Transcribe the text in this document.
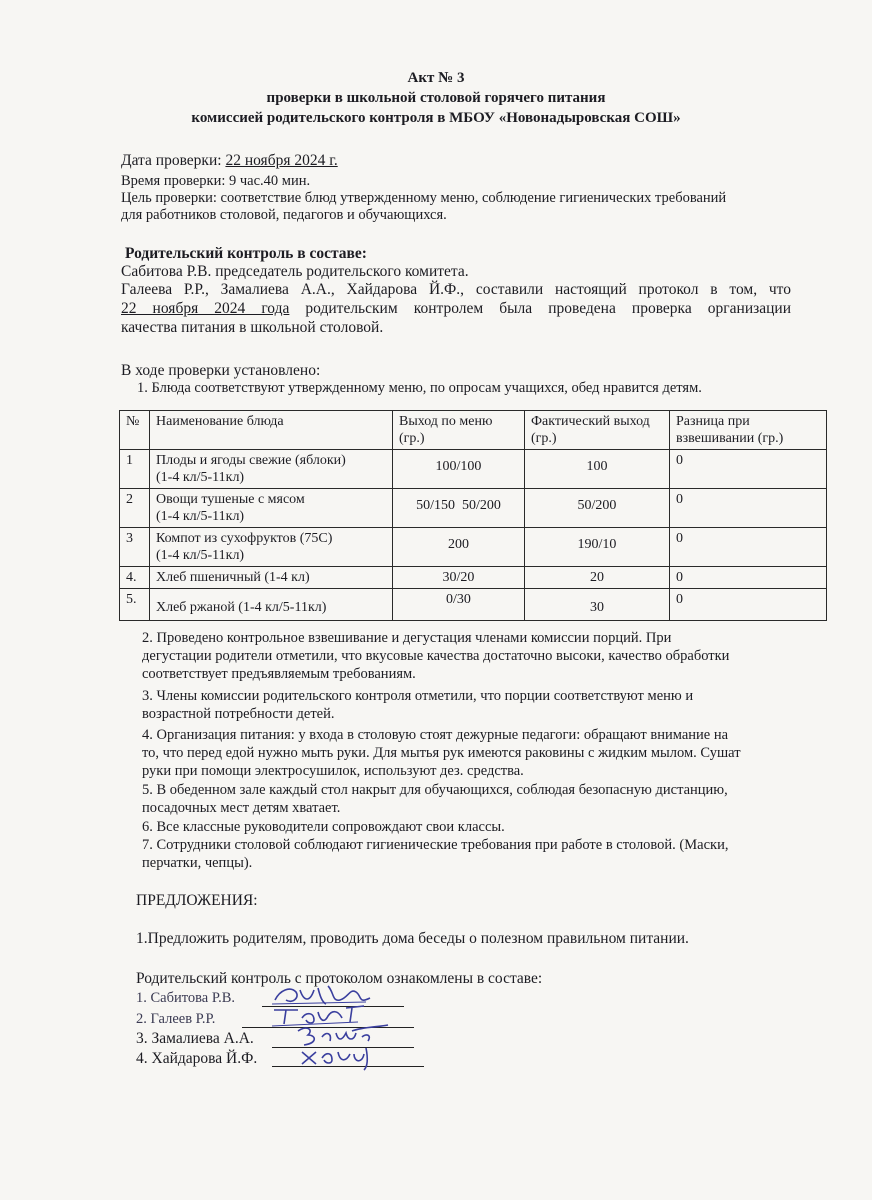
Акт № 3
проверки в школьной столовой горячего питания
комиссией родительского контроля в МБОУ «Новонадыровская СОШ»
Дата проверки: 22 ноября 2024 г.
Время проверки: 9 час.40 мин.
Цель проверки: соответствие блюд утвержденному меню, соблюдение гигиенических требований
для работников столовой, педагогов и обучающихся.
Родительский контроль в составе:
Сабитова Р.В. председатель родительского комитета.
Галеева Р.Р., Замалиева А.А., Хайдарова Й.Ф., составили настоящий протокол в том, что
22 ноября 2024 года родительским контролем была проведена проверка организации
качества питания в школьной столовой.
В ходе проверки установлено:
1. Блюда соответствуют утвержденному меню, по опросам учащихся, обед нравится детям.
№	Наименование блюда	Выход по меню (гр.)	Фактический выход (гр.)	Разница при взвешивании (гр.)
1	Плоды и ягоды свежие (яблоки)
(1-4 кл/5-11кл)	100/100	100	0
2	Овощи тушеные с мясом
(1-4 кл/5-11кл)	50/150  50/200	50/200	0
3	Компот из сухофруктов (75С)
(1-4 кл/5-11кл)	200	190/10	0
4.	Хлеб пшеничный (1-4 кл)	30/20	20	0
5.	Хлеб ржаной (1-4 кл/5-11кл)	0/30	30	0
2. Проведено контрольное взвешивание и дегустация членами комиссии порций. При
дегустации родители отметили, что вкусовые качества достаточно высоки, качество обработки
соответствует предъявляемым требованиям.
3. Члены комиссии родительского контроля отметили, что порции соответствуют меню и
возрастной потребности детей.
4. Организация питания: у входа в столовую стоят дежурные педагоги: обращают внимание на
то, что перед едой нужно мыть руки. Для мытья рук имеются раковины с жидким мылом. Сушат
руки при помощи электросушилок, используют дез. средства.
5. В обеденном зале каждый стол накрыт для обучающихся, соблюдая безопасную дистанцию,
посадочных мест детям хватает.
6. Все классные руководители сопровождают свои классы.
7. Сотрудники столовой соблюдают гигиенические требования при работе в столовой. (Маски,
перчатки, чепцы).
ПРЕДЛОЖЕНИЯ:
1.Предложить родителям, проводить дома беседы о полезном правильном питании.
Родительский контроль с протоколом ознакомлены в составе:
1. Сабитова Р.В.
2. Галеев Р.Р.
3. Замалиева А.А.
4. Хайдарова Й.Ф.
